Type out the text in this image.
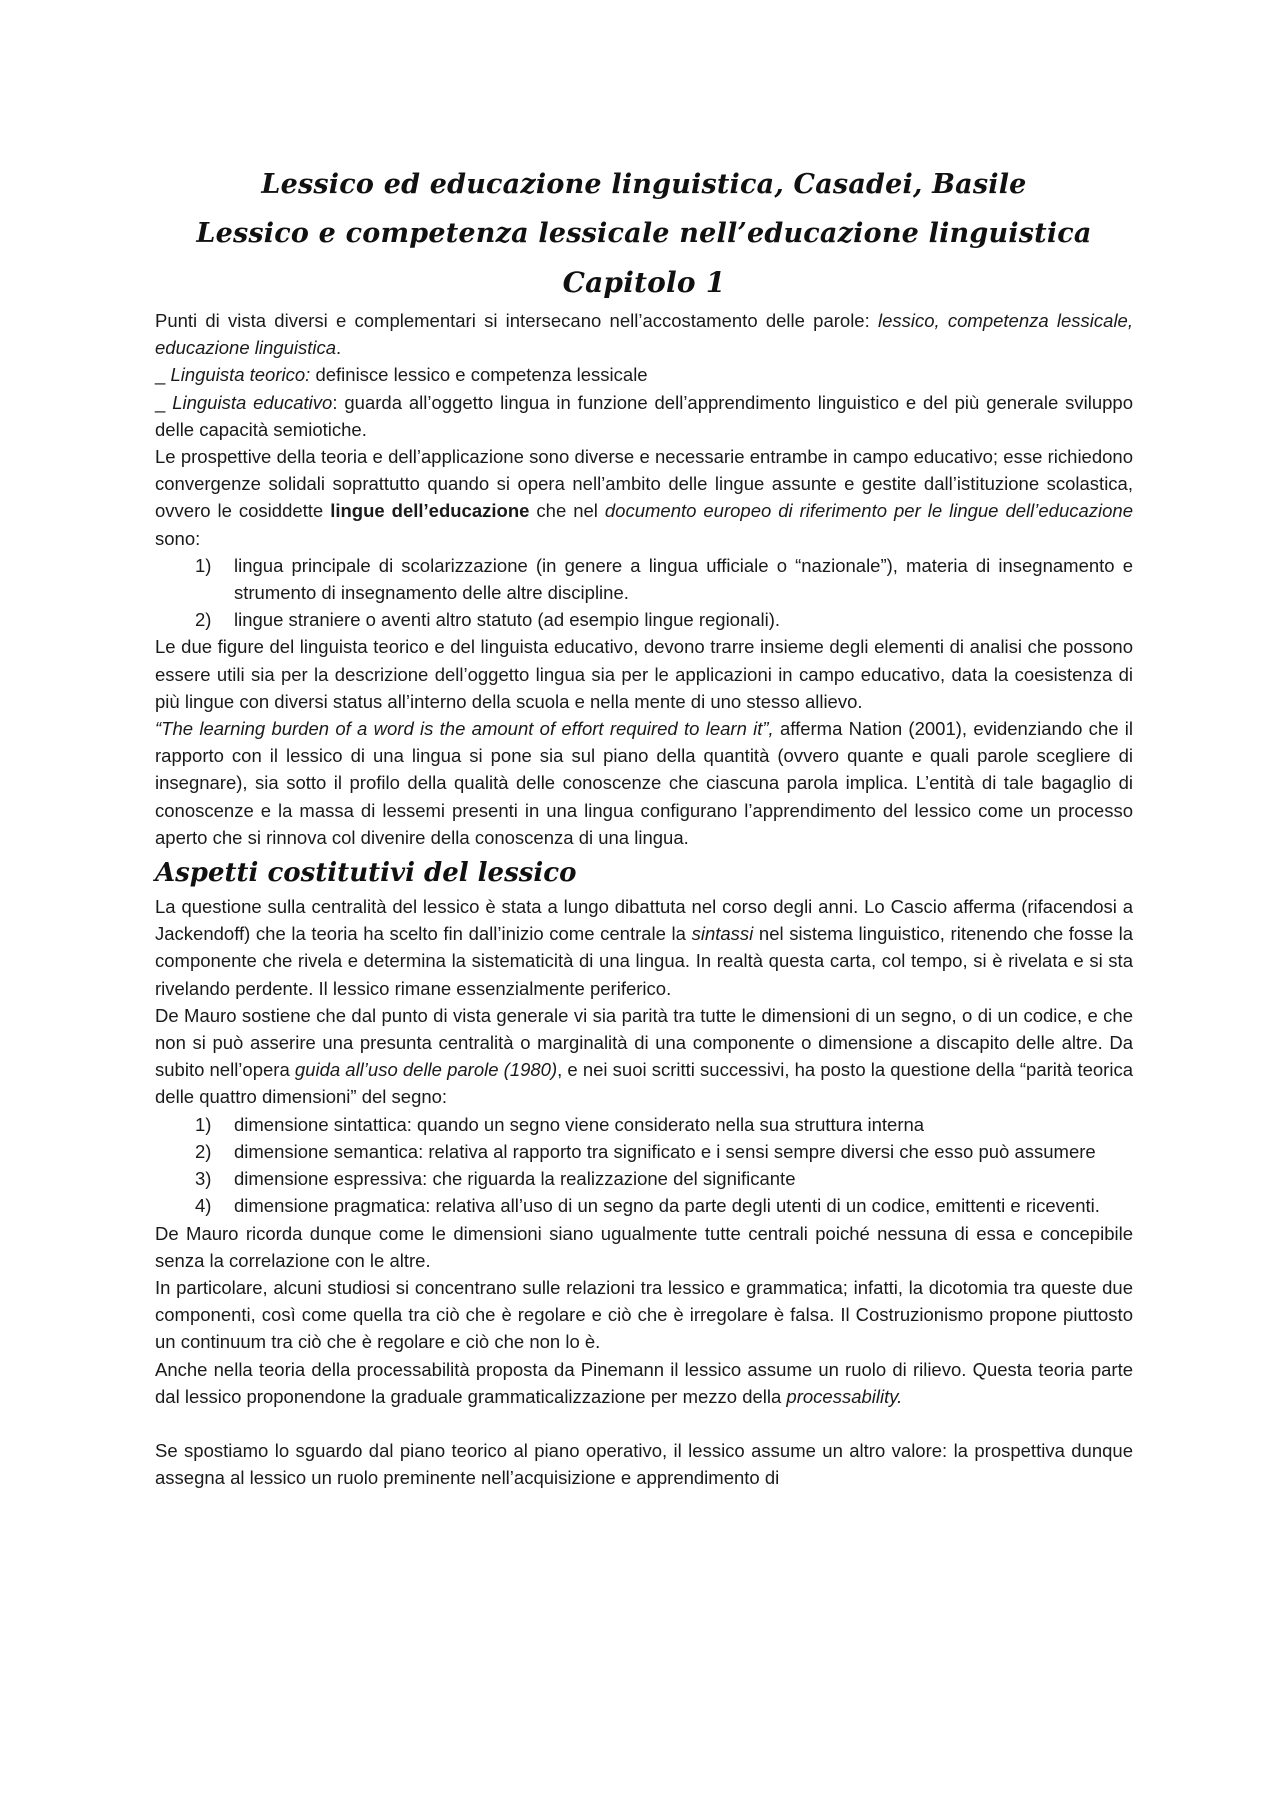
Lessico ed educazione linguistica, Casadei, Basile
Lessico e competenza lessicale nell’educazione linguistica
Capitolo 1

Punti di vista diversi e complementari si intersecano nell’accostamento delle parole: lessico, competenza lessicale, educazione linguistica.

_ Linguista teorico: definisce lessico e competenza lessicale

_ Linguista educativo: guarda all’oggetto lingua in funzione dell’apprendimento linguistico e del più generale sviluppo delle capacità semiotiche.

Le prospettive della teoria e dell’applicazione sono diverse e necessarie entrambe in campo educativo; esse richiedono convergenze solidali soprattutto quando si opera nell’ambito delle lingue assunte e gestite dall’istituzione scolastica, ovvero le cosiddette lingue dell’educazione che nel documento europeo di riferimento per le lingue dell’educazione sono:

1) lingua principale di scolarizzazione (in genere a lingua ufficiale o “nazionale”), materia di insegnamento e strumento di insegnamento delle altre discipline.
2) lingue straniere o aventi altro statuto (ad esempio lingue regionali).

Le due figure del linguista teorico e del linguista educativo, devono trarre insieme degli elementi di analisi che possono essere utili sia per la descrizione dell’oggetto lingua sia per le applicazioni in campo educativo, data la coesistenza di più lingue con diversi status all’interno della scuola e nella mente di uno stesso allievo.

“The learning burden of a word is the amount of effort required to learn it”, afferma Nation (2001), evidenziando che il rapporto con il lessico di una lingua si pone sia sul piano della quantità (ovvero quante e quali parole scegliere di insegnare), sia sotto il profilo della qualità delle conoscenze che ciascuna parola implica. L’entità di tale bagaglio di conoscenze e la massa di lessemi presenti in una lingua configurano l’apprendimento del lessico come un processo aperto che si rinnova col divenire della conoscenza di una lingua.

Aspetti costitutivi del lessico

La questione sulla centralità del lessico è stata a lungo dibattuta nel corso degli anni. Lo Cascio afferma (rifacendosi a Jackendoff) che la teoria ha scelto fin dall’inizio come centrale la sintassi nel sistema linguistico, ritenendo che fosse la componente che rivela e determina la sistematicità di una lingua. In realtà questa carta, col tempo, si è rivelata e si sta rivelando perdente. Il lessico rimane essenzialmente periferico.

De Mauro sostiene che dal punto di vista generale vi sia parità tra tutte le dimensioni di un segno, o di un codice, e che non si può asserire una presunta centralità o marginalità di una componente o dimensione a discapito delle altre. Da subito nell’opera guida all’uso delle parole (1980), e nei suoi scritti successivi, ha posto la questione della “parità teorica delle quattro dimensioni” del segno:

1) dimensione sintattica: quando un segno viene considerato nella sua struttura interna
2) dimensione semantica: relativa al rapporto tra significato e i sensi sempre diversi che esso può assumere
3) dimensione espressiva: che riguarda la realizzazione del significante
4) dimensione pragmatica: relativa all’uso di un segno da parte degli utenti di un codice, emittenti e riceventi.

De Mauro ricorda dunque come le dimensioni siano ugualmente tutte centrali poiché nessuna di essa e concepibile senza la correlazione con le altre.

In particolare, alcuni studiosi si concentrano sulle relazioni tra lessico e grammatica; infatti, la dicotomia tra queste due componenti, così come quella tra ciò che è regolare e ciò che è irregolare è falsa. Il Costruzionismo propone piuttosto un continuum tra ciò che è regolare e ciò che non lo è.

Anche nella teoria della processabilità proposta da Pinemann il lessico assume un ruolo di rilievo. Questa teoria parte dal lessico proponendone la graduale grammaticalizzazione per mezzo della processability.

Se spostiamo lo sguardo dal piano teorico al piano operativo, il lessico assume un altro valore: la prospettiva dunque assegna al lessico un ruolo preminente nell’acquisizione e apprendimento di
